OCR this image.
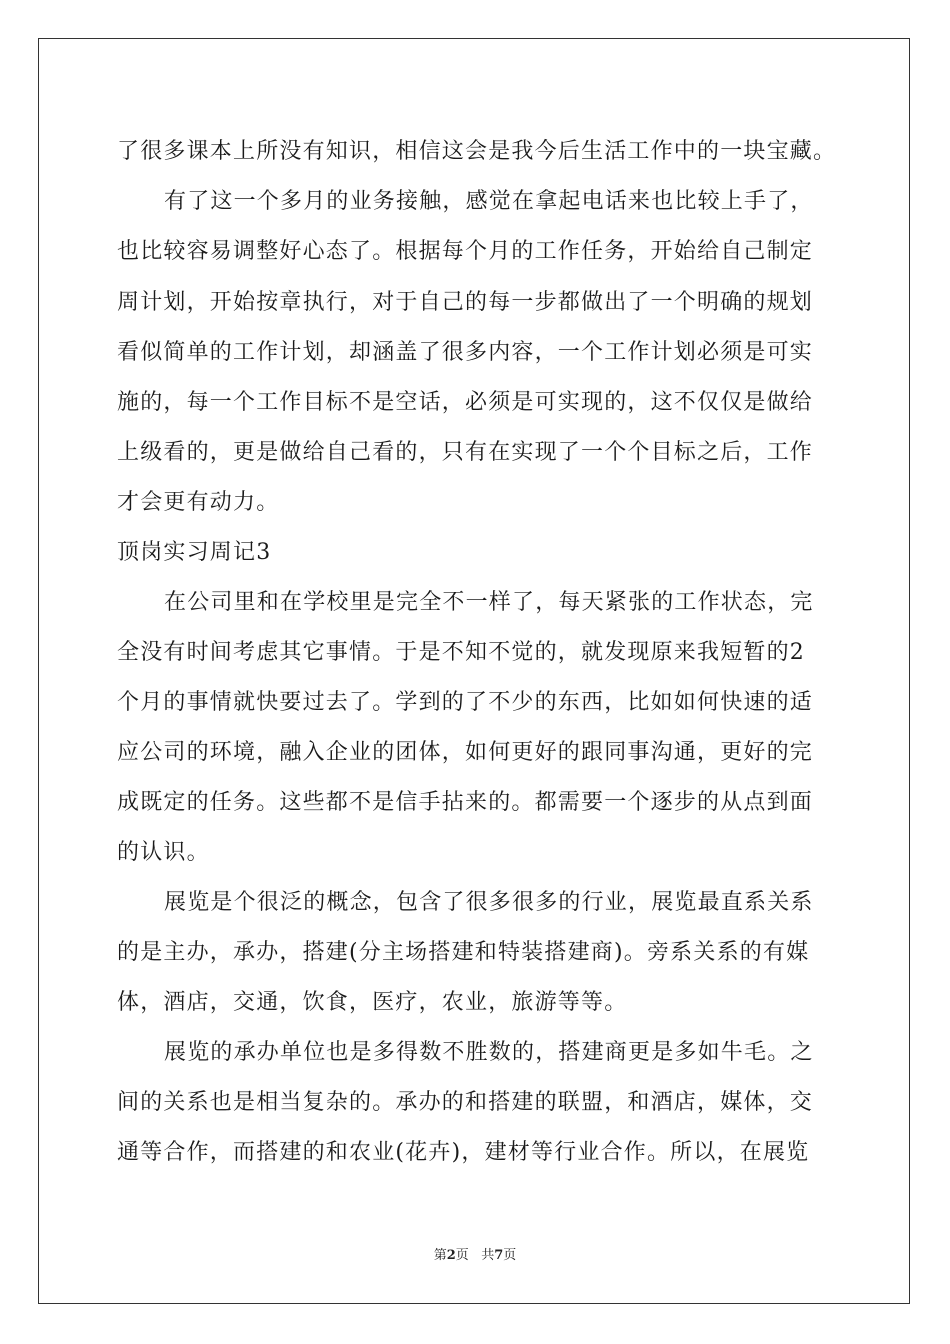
了很多课本上所没有知识，相信这会是我今后生活工作中的一块宝藏。
有了这一个多月的业务接触，感觉在拿起电话来也比较上手了，
也比较容易调整好心态了。根据每个月的工作任务，开始给自己制定
周计划，开始按章执行，对于自己的每一步都做出了一个明确的规划
看似简单的工作计划，却涵盖了很多内容，一个工作计划必须是可实
施的，每一个工作目标不是空话，必须是可实现的，这不仅仅是做给
上级看的，更是做给自己看的，只有在实现了一个个目标之后，工作
才会更有动力。
顶岗实习周记3
在公司里和在学校里是完全不一样了，每天紧张的工作状态，完
全没有时间考虑其它事情。于是不知不觉的，就发现原来我短暂的2
个月的事情就快要过去了。学到的了不少的东西，比如如何快速的适
应公司的环境，融入企业的团体，如何更好的跟同事沟通，更好的完
成既定的任务。这些都不是信手拈来的。都需要一个逐步的从点到面
的认识。
展览是个很泛的概念，包含了很多很多的行业，展览最直系关系
的是主办，承办，搭建(分主场搭建和特装搭建商)。旁系关系的有媒
体，酒店，交通，饮食，医疗，农业，旅游等等。
展览的承办单位也是多得数不胜数的，搭建商更是多如牛毛。之
间的关系也是相当复杂的。承办的和搭建的联盟，和酒店，媒体，交
通等合作，而搭建的和农业(花卉)，建材等行业合作。所以，在展览
第2页 共7页
